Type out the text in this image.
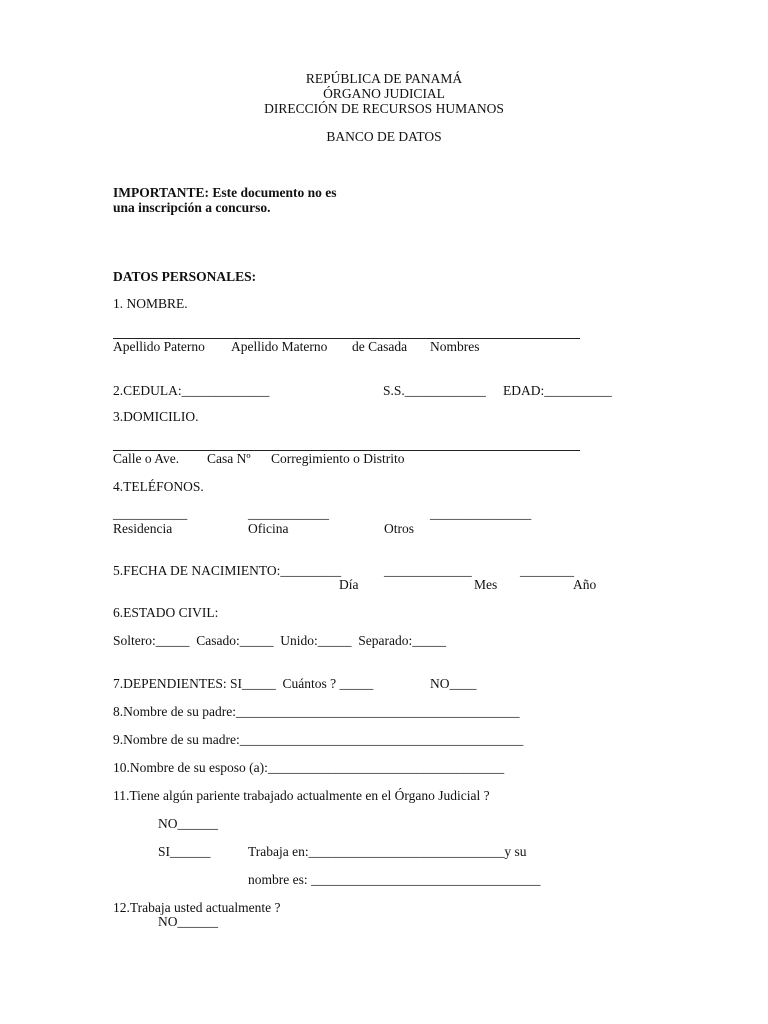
REPÚBLICA DE PANAMÁ
ÓRGANO JUDICIAL
DIRECCIÓN DE RECURSOS HUMANOS
BANCO DE DATOS
IMPORTANTE: Este documento no es
una inscripción a concurso.
DATOS PERSONALES:
1. NOMBRE.
Apellido Paterno Apellido Materno de Casada Nombres
2.CEDULA:_____________	S.S.____________ EDAD:__________
3.DOMICILIO.
Calle o Ave. Casa Nº Corregimiento o Distrito
4.TELÉFONOS.
___________	____________	_______________
Residencia	Oficina	Otros
5.FECHA DE NACIMIENTO:_________	_____________	________
Día	Mes	Año
6.ESTADO CIVIL:
Soltero:_____  Casado:_____  Unido:_____  Separado:_____
7.DEPENDIENTES: SI_____  Cuántos ? _____	NO____
8.Nombre de su padre:__________________________________________
9.Nombre de su madre:__________________________________________
10.Nombre de su esposo (a):___________________________________
11.Tiene algún pariente trabajado actualmente en el Órgano Judicial ?
NO______
SI______	Trabaja en:_____________________________y su
nombre es: __________________________________
12.Trabaja usted actualmente ?
NO______
